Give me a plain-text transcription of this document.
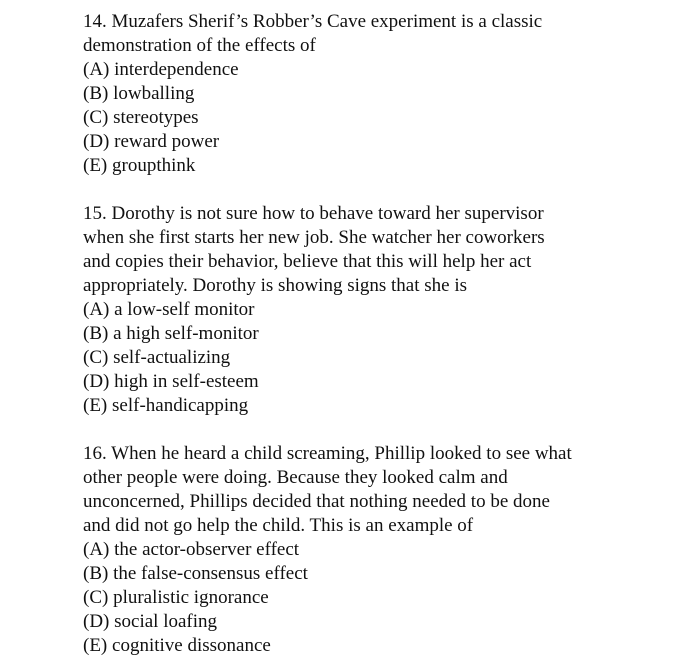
14. Muzafers Sherif’s Robber’s Cave experiment is a classic
demonstration of the effects of
(A) interdependence
(B) lowballing
(C) stereotypes
(D) reward power
(E) groupthink
15. Dorothy is not sure how to behave toward her supervisor
when she first starts her new job. She watcher her coworkers
and copies their behavior, believe that this will help her act
appropriately. Dorothy is showing signs that she is
(A) a low-self monitor
(B) a high self-monitor
(C) self-actualizing
(D) high in self-esteem
(E) self-handicapping
16. When he heard a child screaming, Phillip looked to see what
other people were doing. Because they looked calm and
unconcerned, Phillips decided that nothing needed to be done
and did not go help the child. This is an example of
(A) the actor-observer effect
(B) the false-consensus effect
(C) pluralistic ignorance
(D) social loafing
(E) cognitive dissonance
